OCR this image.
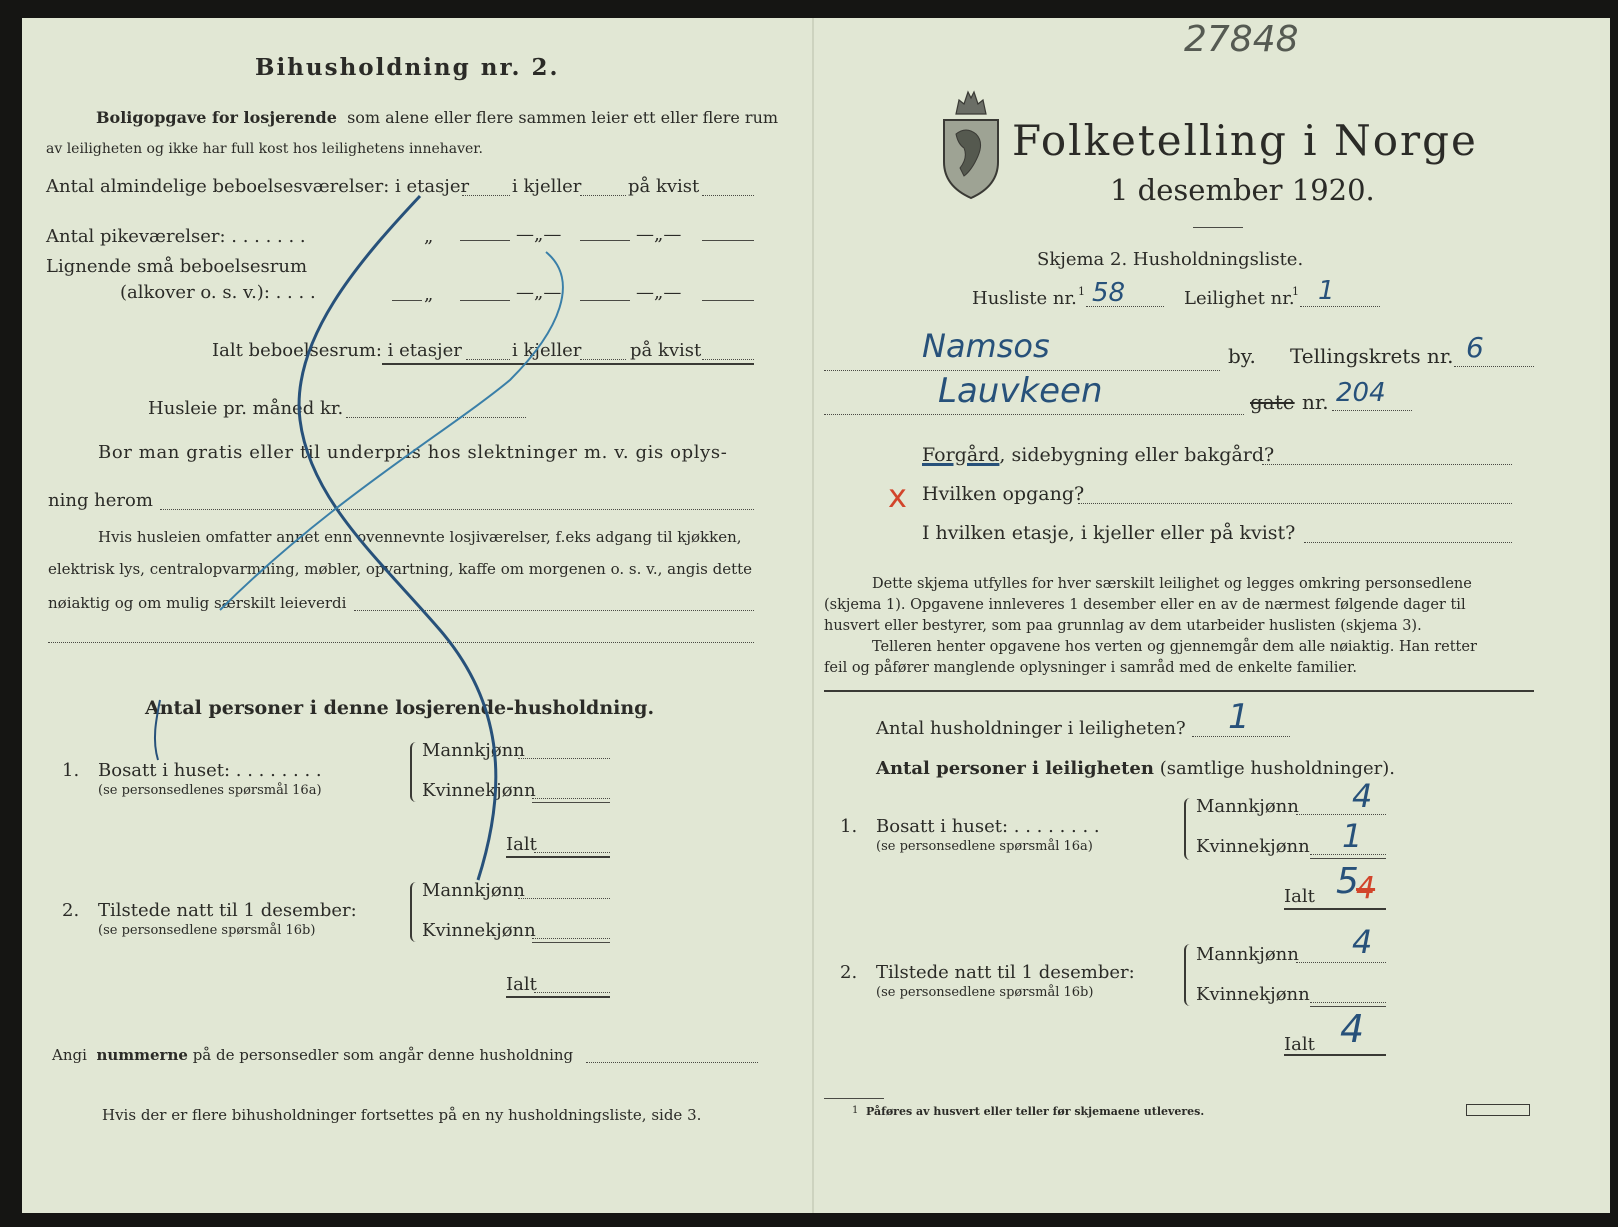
Bihusholdning nr. 2.
Boligopgave for losjerende som alene eller flere sammen leier ett eller flere rum
av leiligheten og ikke har full kost hos leilighetens innehaver.
Antal almindelige beboelsesværelser: i etasjer i kjeller	på kvist
Antal pikeværelser: . . . . . . .	„	—„—	—„—
Lignende små beboelsesrum
(alkover o. s. v.): . . . .	„	—„—	—„—
Ialt beboelsesrum: i etasjer	i kjeller	på kvist
Husleie pr. måned kr.
Bor man gratis eller til underpris hos slektninger m. v. gis oplys-
ning herom
Hvis husleien omfatter annet enn ovennevnte losjiværelser, f.eks adgang til kjøkken,
elektrisk lys, centralopvarmning, møbler, opvartning, kaffe om morgenen o. s. v., angis dette
nøiaktig og om mulig særskilt leieverdi
Antal personer i denne losjerende-husholdning.
1. Bosatt i huset: . . . . . . . .
(se personsedlenes spørsmål 16a)
Mannkjønn
Kvinnekjønn
Ialt
2. Tilstede natt til 1 desember:
(se personsedlene spørsmål 16b)
Mannkjønn
Kvinnekjønn
Ialt
Angi nummerne på de personsedler som angår denne husholdning
Hvis der er flere bihusholdninger fortsettes på en ny husholdningsliste, side 3.
27848
Folketelling i Norge
1 desember 1920.
Skjema 2. Husholdningsliste.
Husliste nr. 1 58	Leilighet nr.
1 1
Namsos	by. Tellingskrets nr. 6
Lauvkeen	gate nr. 204
Forgård, sidebygning eller bakgård?
x Hvilken opgang?
I hvilken etasje, i kjeller eller på kvist?
Dette skjema utfylles for hver særskilt leilighet og legges omkring personsedlene
(skjema 1). Opgavene innleveres 1 desember eller en av de nærmest følgende dager til
husvert eller bestyrer, som paa grunnlag av dem utarbeider huslisten (skjema 3).
Telleren henter opgavene hos verten og gjennemgår dem alle nøiaktig. Han retter
feil og påfører manglende oplysninger i samråd med de enkelte familier.
Antal husholdninger i leiligheten? 1
Antal personer i leiligheten (samtlige husholdninger).
1. Bosatt i huset: . . . . . . . .
(se personsedlene spørsmål 16a)
Mannkjønn 4
Kvinnekjønn 1
Ialt 5
4
2. Tilstede natt til 1 desember:
(se personsedlene spørsmål 16b)
Mannkjønn 4
Kvinnekjønn
Ialt 4
1 Påføres av husvert eller teller før skjemaene utleveres.
